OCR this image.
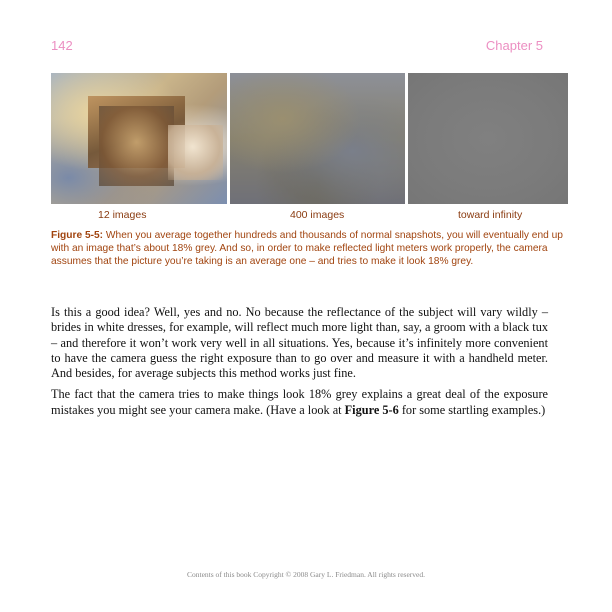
142	Chapter 5
12 images	400 images	toward infinity
Figure 5-5: When you average together hundreds and thousands of normal snapshots, you will eventually end up with an image that’s about 18% grey. And so, in order to make reflected light meters work properly, the camera assumes that the picture you’re taking is an average one – and tries to make it look 18% grey.

Is this a good idea? Well, yes and no. No because the reflectance of the subject will vary wildly – brides in white dresses, for example, will reflect much more light than, say, a groom with a black tux – and therefore it won’t work very well in all situations. Yes, because it’s infinitely more convenient to have the camera guess the right exposure than to go over and measure it with a handheld meter. And besides, for average subjects this method works just fine.

The fact that the camera tries to make things look 18% grey explains a great deal of the exposure mistakes you might see your camera make. (Have a look at Figure 5-6 for some startling examples.)

Contents of this book Copyright © 2008 Gary L. Friedman. All rights reserved.
